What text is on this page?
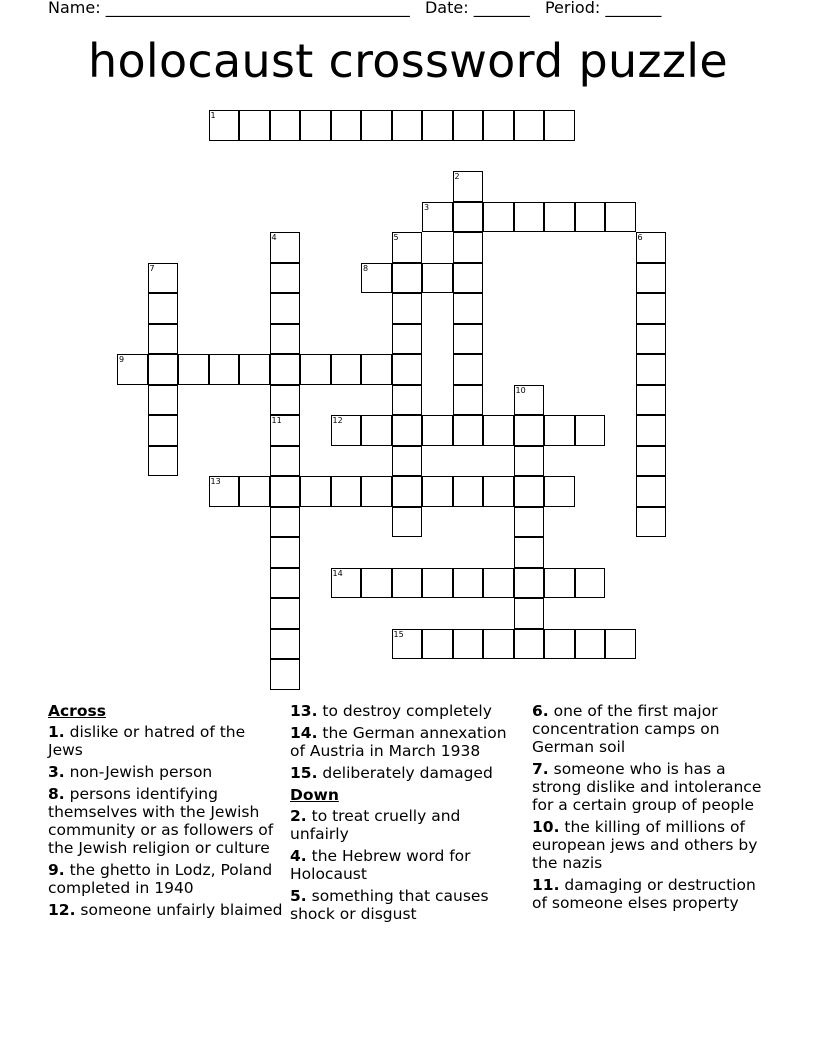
Name: ______________________________________ Date: _______ Period: _______
holocaust crossword puzzle
1
3
8
9
12
13
14
15
2
4
11
5	6
7
10
Across
1. dislike or hatred of the Jews
3. non-Jewish person
8. persons identifying themselves with the Jewish community or as followers of the Jewish religion or culture
9. the ghetto in Lodz, Poland completed in 1940
12. someone unfairly blaimed
13. to destroy completely
14. the German annexation of Austria in March 1938
15. deliberately damaged
Down
2. to treat cruelly and unfairly
4. the Hebrew word for Holocaust
5. something that causes shock or disgust
6. one of the first major concentration camps on German soil
7. someone who is has a strong dislike and intolerance for a certain group of people
10. the killing of millions of european jews and others by the nazis
11. damaging or destruction of someone elses property
